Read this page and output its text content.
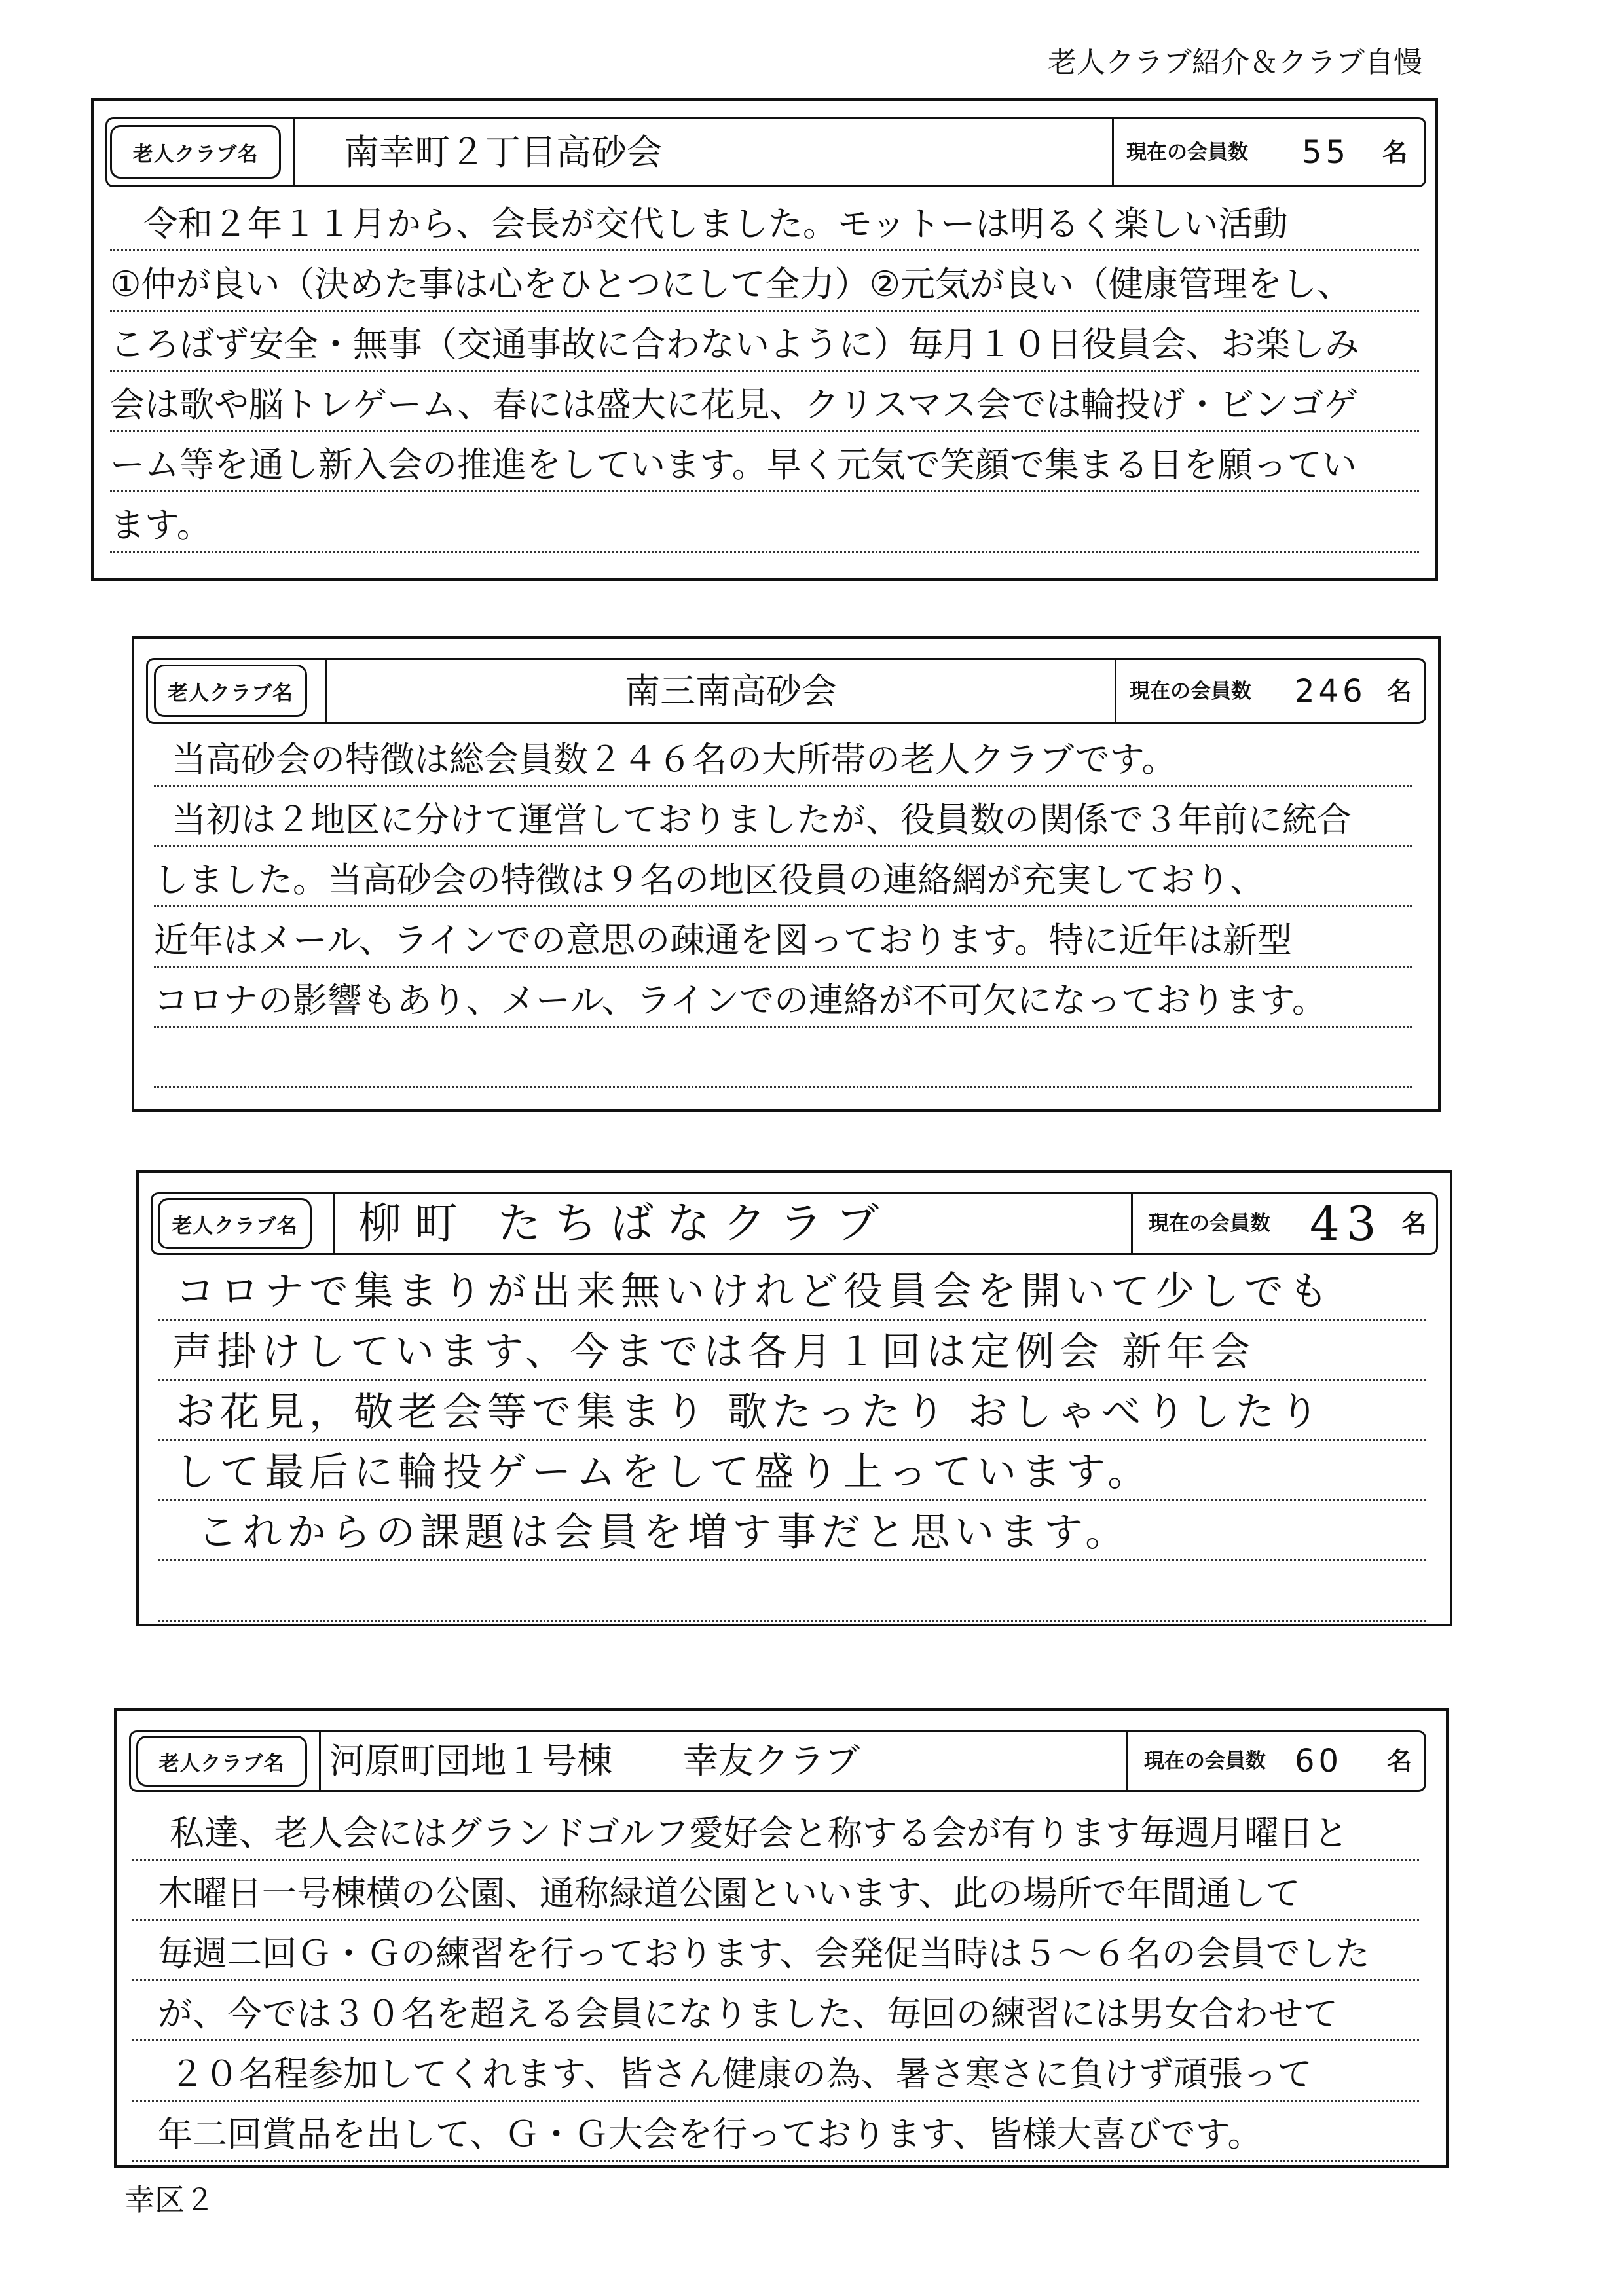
老人クラブ紹介＆クラブ自慢
老人クラブ名	南幸町２丁目高砂会	現在の会員数 55 名
令和２年１１月から、会長が交代しました。モットーは明るく楽しい活動
①仲が良い（決めた事は心をひとつにして全力）②元気が良い（健康管理をし、
ころばず安全・無事（交通事故に合わないように）毎月１０日役員会、お楽しみ
会は歌や脳トレゲーム、春には盛大に花見、クリスマス会では輪投げ・ビンゴゲ
ーム等を通し新入会の推進をしています。早く元気で笑顔で集まる日を願ってい
ます。
老人クラブ名	南三南高砂会	現在の会員数 246 名
当高砂会の特徴は総会員数２４６名の大所帯の老人クラブです。
当初は２地区に分けて運営しておりましたが、役員数の関係で３年前に統合
しました。当高砂会の特徴は９名の地区役員の連絡網が充実しており、
近年はメール、ラインでの意思の疎通を図っております。特に近年は新型
コロナの影響もあり、メール、ラインでの連絡が不可欠になっております。
老人クラブ名	柳町 たちばなクラブ	現在の会員数 43 名
コロナで集まりが出来無いけれど役員会を開いて少しでも
声掛けしています、今までは各月１回は定例会 新年会
お花見，敬老会等で集まり 歌たったり おしゃべりしたり
して最后に輪投ゲームをして盛り上っています。
これからの課題は会員を増す事だと思います。
老人クラブ名	河原町団地１号棟　　幸友クラブ	現在の会員数 60 名
私達、老人会にはグランドゴルフ愛好会と称する会が有ります毎週月曜日と
木曜日一号棟横の公園、通称緑道公園といいます、此の場所で年間通して
毎週二回Ｇ・Ｇの練習を行っております、会発促当時は５～６名の会員でした
が、今では３０名を超える会員になりました、毎回の練習には男女合わせて
２０名程参加してくれます、皆さん健康の為、暑さ寒さに負けず頑張って
年二回賞品を出して、Ｇ・Ｇ大会を行っております、皆様大喜びです。
幸区２
